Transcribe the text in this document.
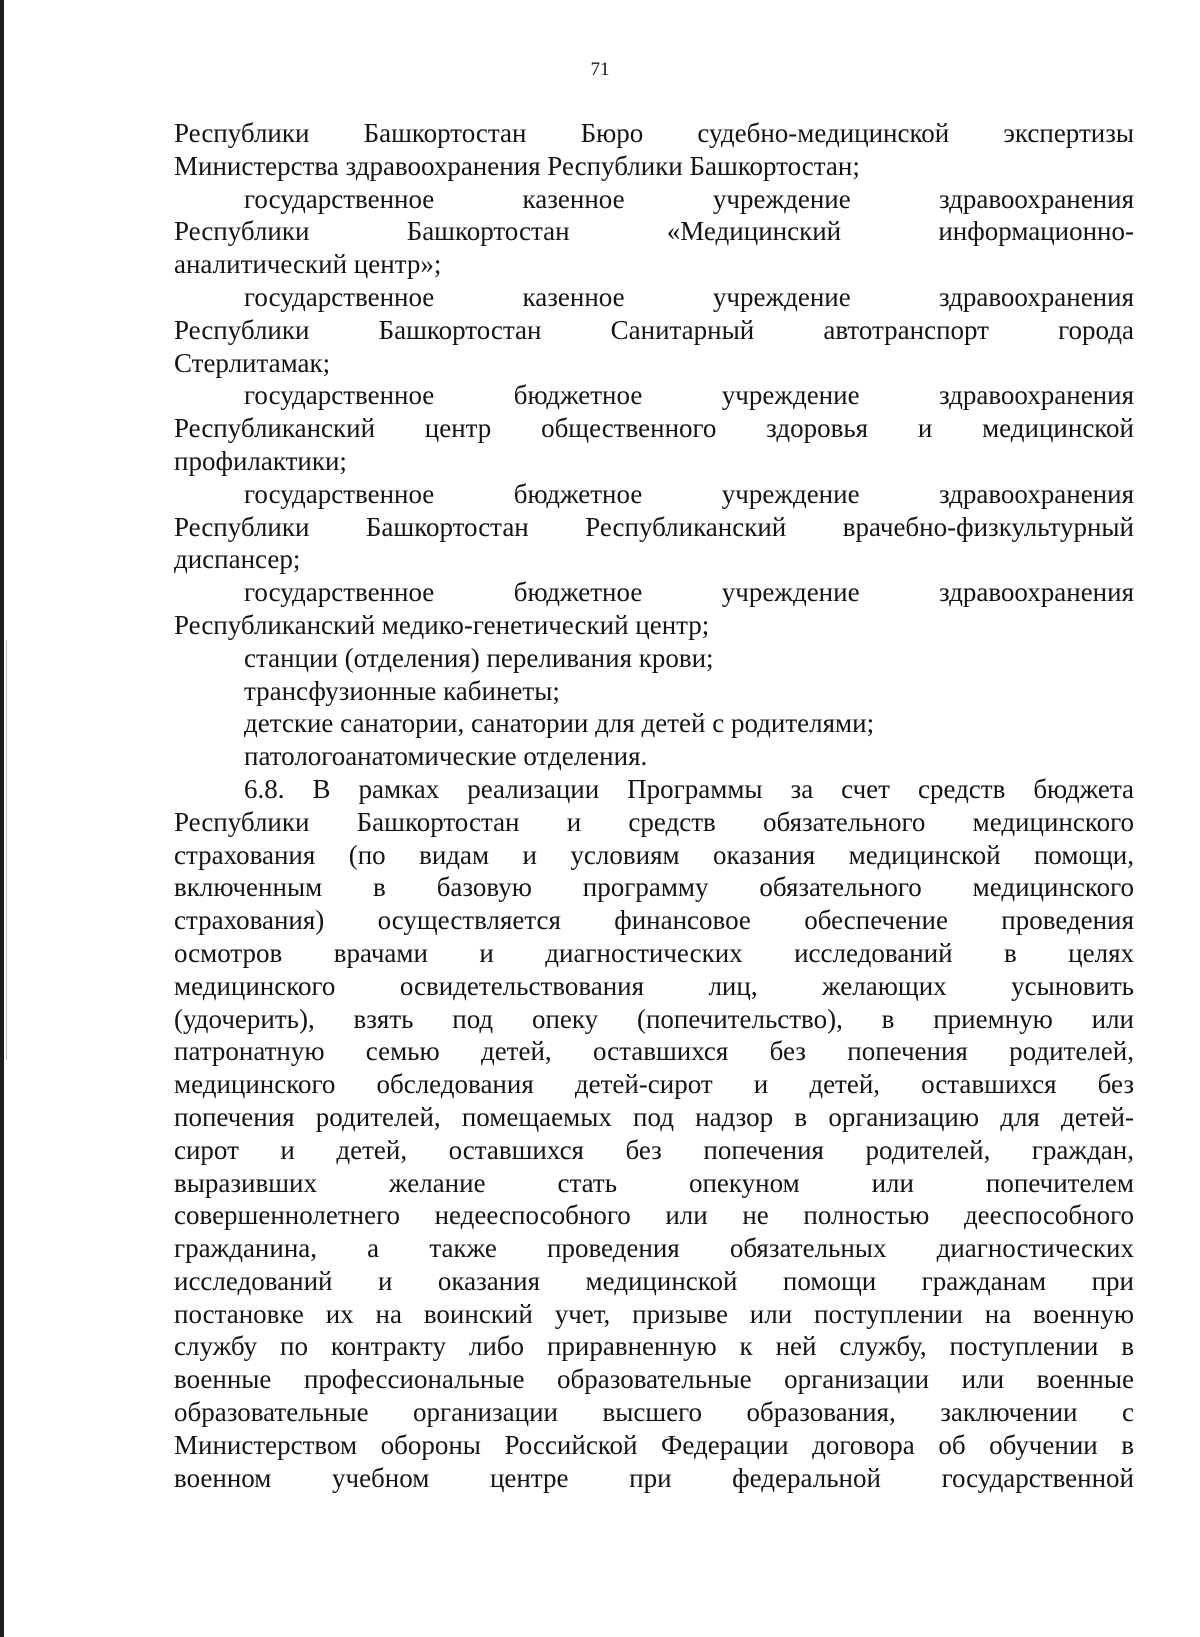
71
Республики Башкортостан Бюро судебно-медицинской экспертизы
Министерства здравоохранения Республики Башкортостан;
государственное казенное учреждение здравоохранения
Республики Башкортостан «Медицинский информационно-
аналитический центр»;
государственное казенное учреждение здравоохранения
Республики Башкортостан Санитарный автотранспорт города
Стерлитамак;
государственное бюджетное учреждение здравоохранения
Республиканский центр общественного здоровья и медицинской
профилактики;
государственное бюджетное учреждение здравоохранения
Республики Башкортостан Республиканский врачебно-физкультурный
диспансер;
государственное бюджетное учреждение здравоохранения
Республиканский медико-генетический центр;
станции (отделения) переливания крови;
трансфузионные кабинеты;
детские санатории, санатории для детей с родителями;
патологоанатомические отделения.
6.8. В рамках реализации Программы за счет средств бюджета
Республики Башкортостан и средств обязательного медицинского
страхования (по видам и условиям оказания медицинской помощи,
включенным в базовую программу обязательного медицинского
страхования) осуществляется финансовое обеспечение проведения
осмотров врачами и диагностических исследований в целях
медицинского освидетельствования лиц, желающих усыновить
(удочерить), взять под опеку (попечительство), в приемную или
патронатную семью детей, оставшихся без попечения родителей,
медицинского обследования детей-сирот и детей, оставшихся без
попечения родителей, помещаемых под надзор в организацию для детей-
сирот и детей, оставшихся без попечения родителей, граждан,
выразивших желание стать опекуном или попечителем
совершеннолетнего недееспособного или не полностью дееспособного
гражданина, а также проведения обязательных диагностических
исследований и оказания медицинской помощи гражданам при
постановке их на воинский учет, призыве или поступлении на военную
службу по контракту либо приравненную к ней службу, поступлении в
военные профессиональные образовательные организации или военные
образовательные организации высшего образования, заключении с
Министерством обороны Российской Федерации договора об обучении в
военном учебном центре при федеральной государственной
